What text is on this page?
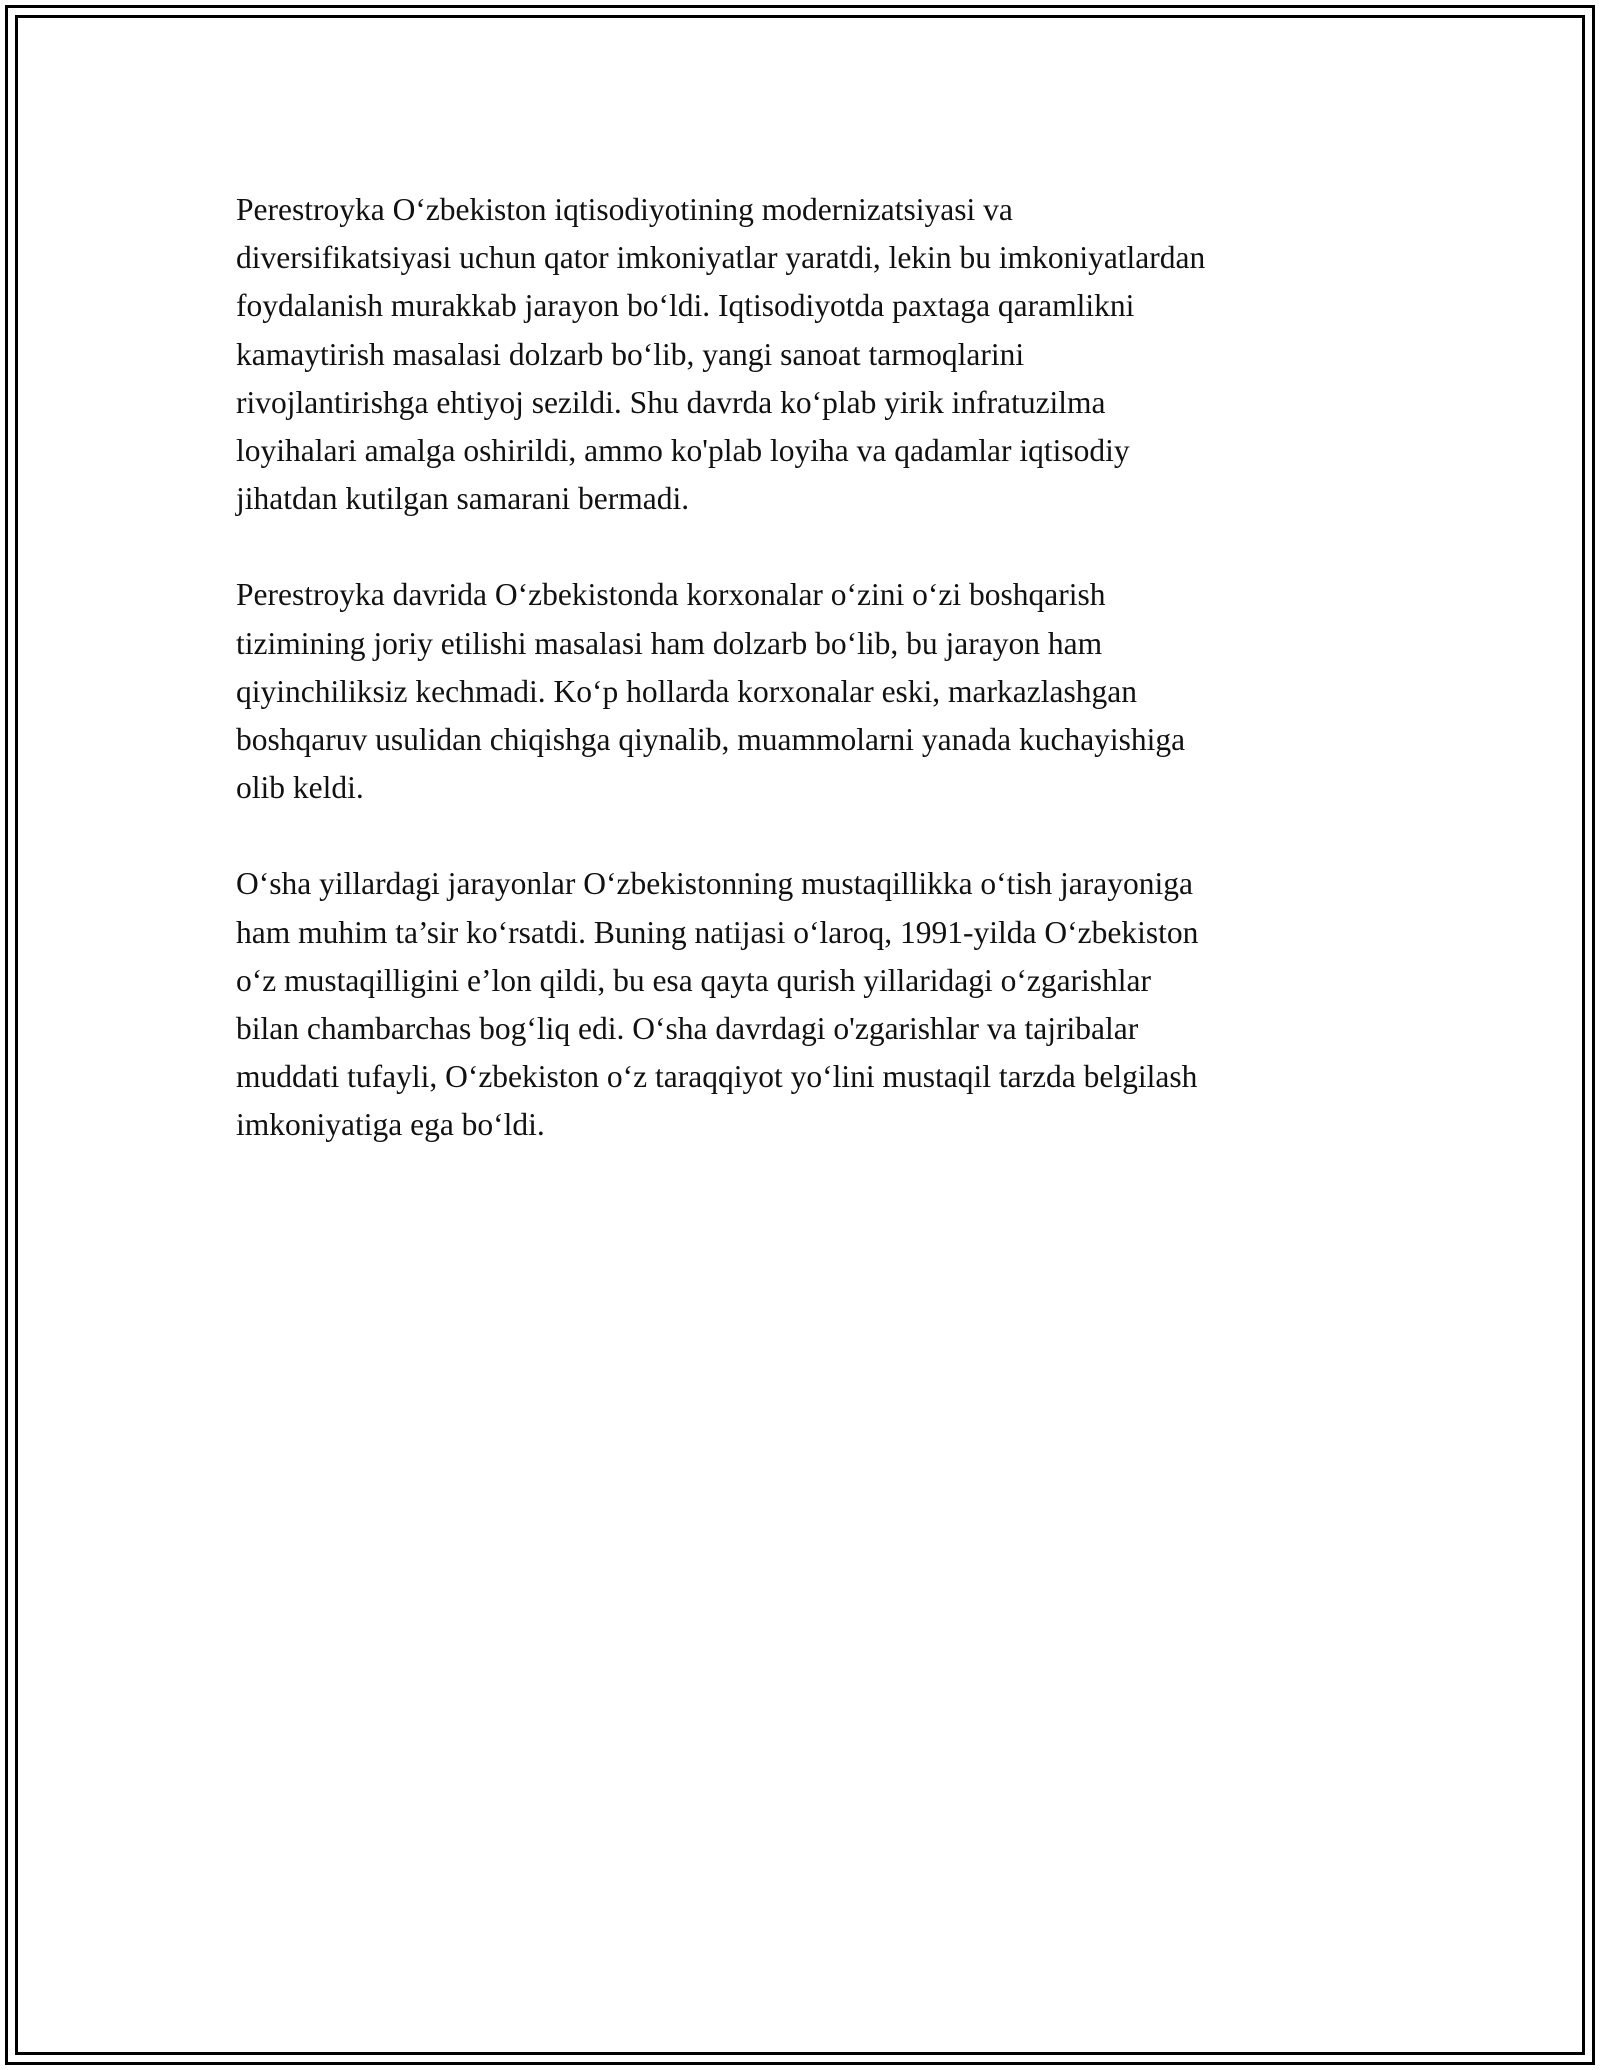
Perestroyka O‘zbekiston iqtisodiyotining modernizatsiyasi va
diversifikatsiyasi uchun qator imkoniyatlar yaratdi, lekin bu imkoniyatlardan
foydalanish murakkab jarayon bo‘ldi. Iqtisodiyotda paxtaga qaramlikni
kamaytirish masalasi dolzarb bo‘lib, yangi sanoat tarmoqlarini
rivojlantirishga ehtiyoj sezildi. Shu davrda ko‘plab yirik infratuzilma
loyihalari amalga oshirildi, ammo ko'plab loyiha va qadamlar iqtisodiy
jihatdan kutilgan samarani bermadi.

Perestroyka davrida O‘zbekistonda korxonalar o‘zini o‘zi boshqarish
tizimining joriy etilishi masalasi ham dolzarb bo‘lib, bu jarayon ham
qiyinchiliksiz kechmadi. Ko‘p hollarda korxonalar eski, markazlashgan
boshqaruv usulidan chiqishga qiynalib, muammolarni yanada kuchayishiga
olib keldi.

O‘sha yillardagi jarayonlar O‘zbekistonning mustaqillikka o‘tish jarayoniga
ham muhim ta’sir ko‘rsatdi. Buning natijasi o‘laroq, 1991-yilda O‘zbekiston
o‘z mustaqilligini e’lon qildi, bu esa qayta qurish yillaridagi o‘zgarishlar
bilan chambarchas bog‘liq edi. O‘sha davrdagi o'zgarishlar va tajribalar
muddati tufayli, O‘zbekiston o‘z taraqqiyot yo‘lini mustaqil tarzda belgilash
imkoniyatiga ega bo‘ldi.
